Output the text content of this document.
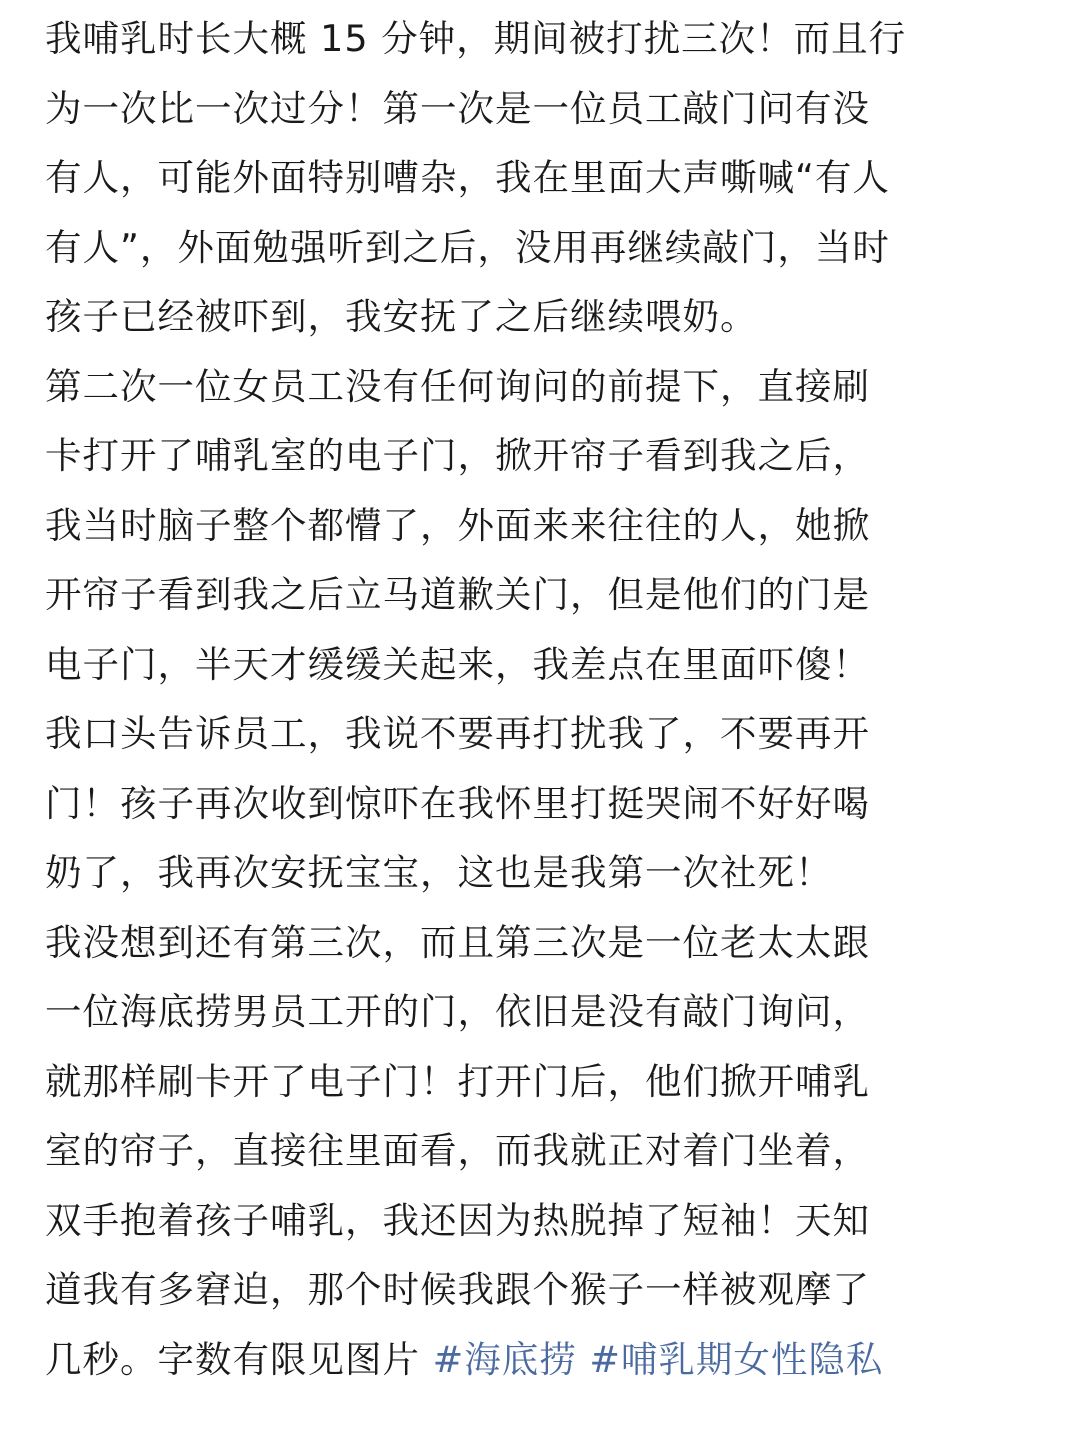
我哺乳时长大概 15 分钟，期间被打扰三次！而且行
为一次比一次过分！第一次是一位员工敲门问有没
有人，可能外面特别嘈杂，我在里面大声嘶喊“有人
有人”，外面勉强听到之后，没用再继续敲门，当时
孩子已经被吓到，我安抚了之后继续喂奶。
第二次一位女员工没有任何询问的前提下，直接刷
卡打开了哺乳室的电子门，掀开帘子看到我之后，
我当时脑子整个都懵了，外面来来往往的人，她掀
开帘子看到我之后立马道歉关门，但是他们的门是
电子门，半天才缓缓关起来，我差点在里面吓傻！
我口头告诉员工，我说不要再打扰我了，不要再开
门！孩子再次收到惊吓在我怀里打挺哭闹不好好喝
奶了，我再次安抚宝宝，这也是我第一次社死！
我没想到还有第三次，而且第三次是一位老太太跟
一位海底捞男员工开的门，依旧是没有敲门询问，
就那样刷卡开了电子门！打开门后，他们掀开哺乳
室的帘子，直接往里面看，而我就正对着门坐着，
双手抱着孩子哺乳，我还因为热脱掉了短袖！天知
道我有多窘迫，那个时候我跟个猴子一样被观摩了
几秒。字数有限见图片 #海底捞 #哺乳期女性隐私
